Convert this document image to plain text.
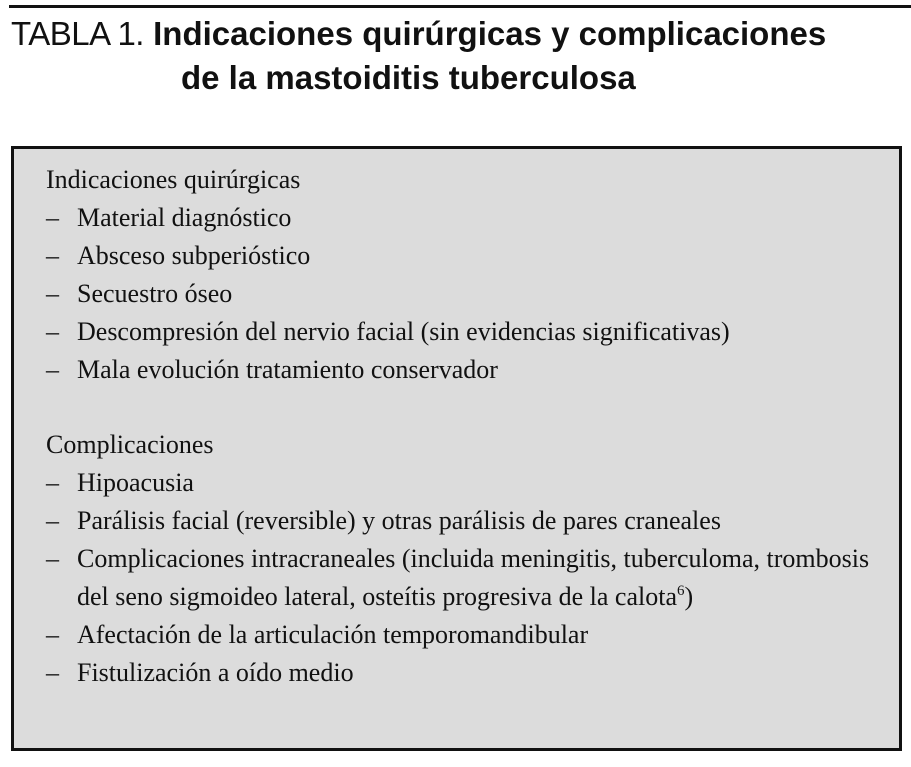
TABLA 1. Indicaciones quirúrgicas y complicaciones
de la mastoiditis tuberculosa
Indicaciones quirúrgicas
– Material diagnóstico
– Absceso subperióstico
– Secuestro óseo
– Descompresión del nervio facial (sin evidencias significativas)
– Mala evolución tratamiento conservador
Complicaciones
– Hipoacusia
– Parálisis facial (reversible) y otras parálisis de pares craneales
– Complicaciones intracraneales (incluida meningitis, tuberculoma, trombosis del seno sigmoideo lateral, osteítis progresiva de la calota$^6$)
– Afectación de la articulación temporomandibular
– Fistulización a oído medio
